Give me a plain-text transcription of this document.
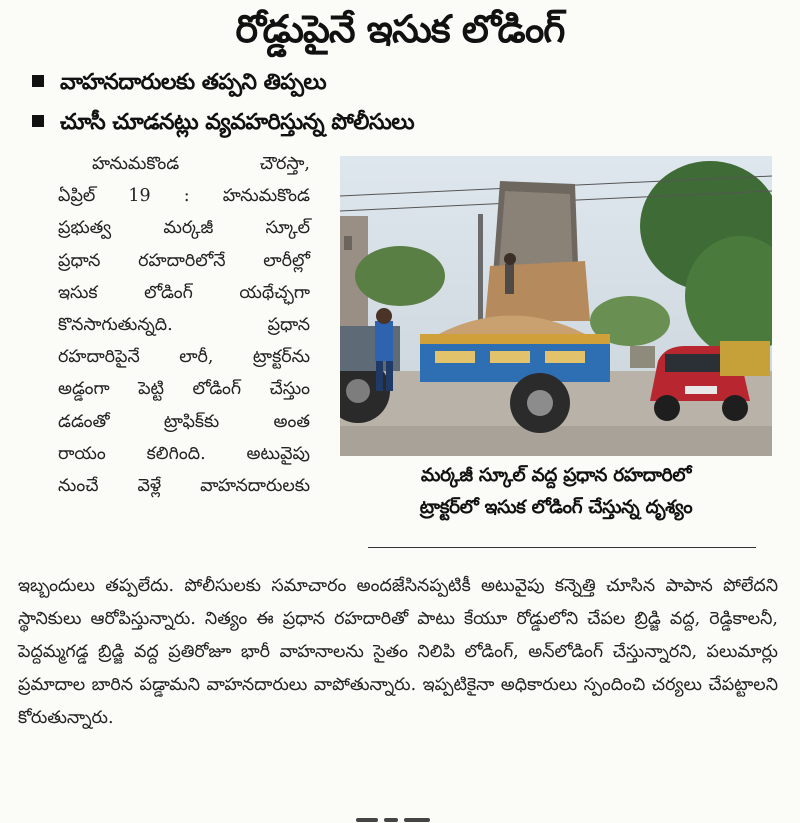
రోడ్డుపైనే ఇసుక లోడింగ్
వాహనదారులకు తప్పని తిప్పలు
చూసీ చూడనట్లు వ్యవహరిస్తున్న పోలీసులు

హనుమకొండ చౌరస్తా,

ఏప్రిల్ 19 : హనుమకొండ

ప్రభుత్వ మర్కజీ స్కూల్

ప్రధాన రహదారిలోనే లారీల్లో

ఇసుక లోడింగ్ యథేచ్ఛగా

కొనసాగుతున్నది. ప్రధాన

రహదారిపైనే లారీ, ట్రాక్టర్‌ను

అడ్డంగా పెట్టి లోడింగ్ చేస్తుం

డడంతో ట్రాఫిక్‌కు అంత

రాయం కలిగింది. అటువైపు

నుంచే వెళ్లే వాహనదారులకు

మర్కజీ స్కూల్ వద్ద ప్రధాన రహదారిలో
ట్రాక్టర్‌లో ఇసుక లోడింగ్ చేస్తున్న దృశ్యం

ఇబ్బందులు తప్పలేదు. పోలీసులకు సమాచారం అందజేసినప్పటికీ అటువైపు కన్నెత్తి చూసిన పాపాన పోలేదని స్థానికులు ఆరోపిస్తున్నారు. నిత్యం ఈ ప్రధాన రహదారితో పాటు కేయూ రోడ్డులోని చేపల బ్రిడ్జి వద్ద, రెడ్డికాలనీ, పెద్దమ్మగడ్డ బ్రిడ్జి వద్ద ప్రతిరోజూ భారీ వాహనాలను సైతం నిలిపి లోడింగ్, అన్‌లోడింగ్ చేస్తున్నారని, పలుమార్లు ప్రమాదాల బారిన పడ్డామని వాహనదారులు వాపోతున్నారు. ఇప్పటికైనా అధికారులు స్పందించి చర్యలు చేపట్టాలని కోరుతున్నారు.
